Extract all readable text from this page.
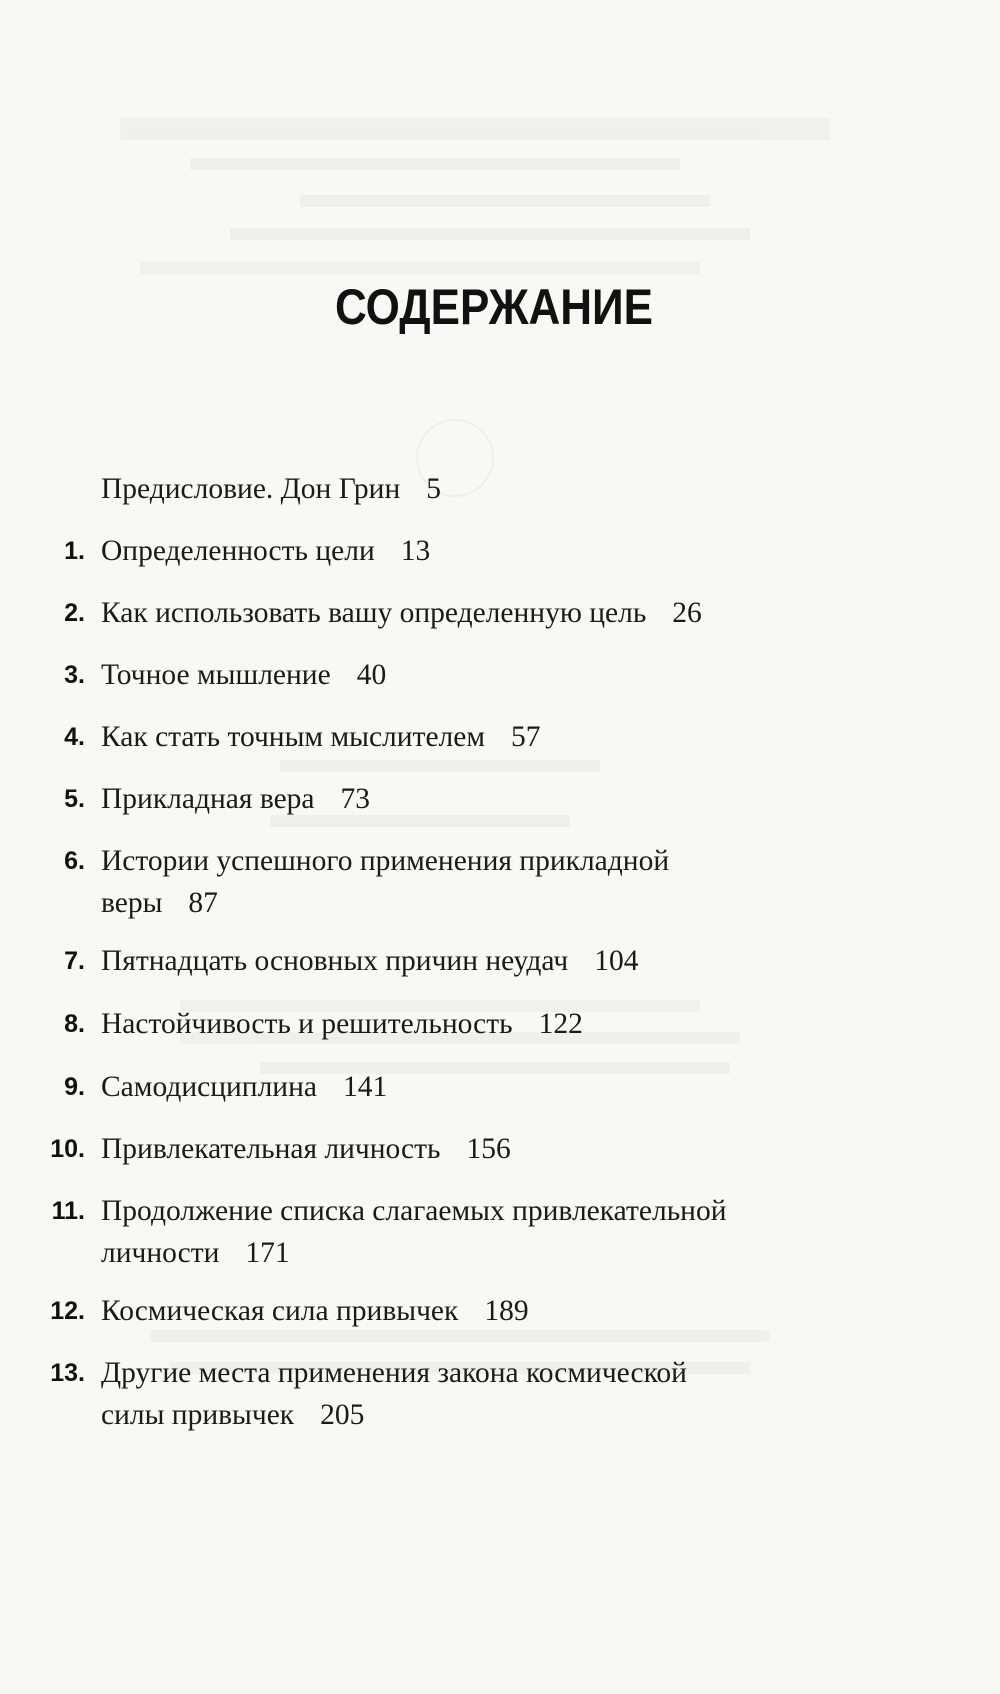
СОДЕРЖАНИЕ
Предисловие. Дон Грин 5
1. Определенность цели 13
2. Как использовать вашу определенную цель 26
3. Точное мышление 40
4. Как стать точным мыслителем 57
5. Прикладная вера 73
6. Истории успешного применения прикладной
веры 87
7. Пятнадцать основных причин неудач 104
8. Настойчивость и решительность 122
9. Самодисциплина 141
10. Привлекательная личность 156
11. Продолжение списка слагаемых привлекательной
личности 171
12. Космическая сила привычек 189
13. Другие места применения закона космической
силы привычек 205
